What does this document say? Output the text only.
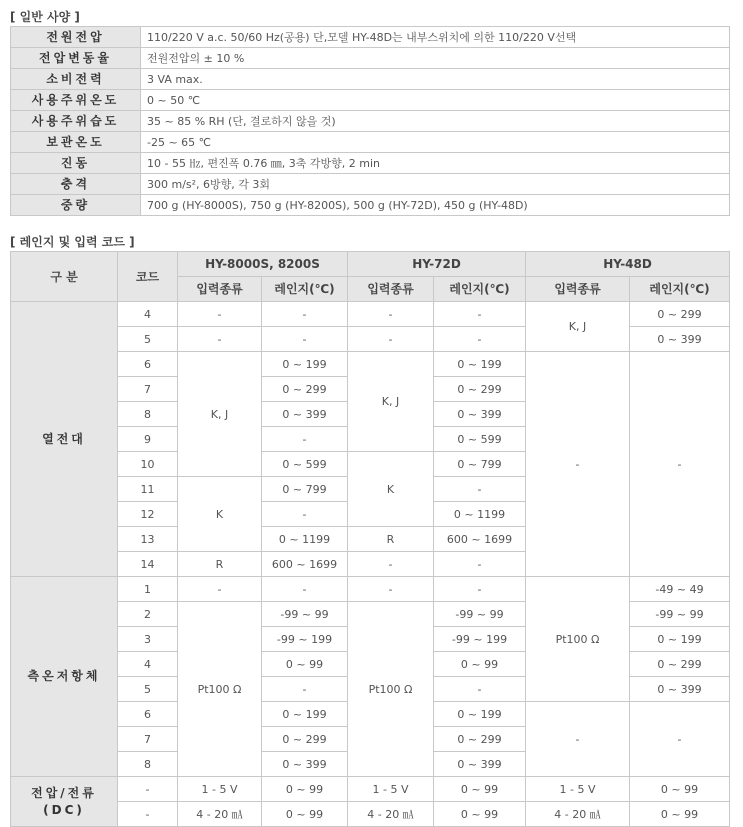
[ 일반 사양 ]
전원전압	110/220 V a.c. 50/60 Hz(공용) 단,모델 HY-48D는 내부스위치에 의한 110/220 V선택
전압변동율	전원전압의 ± 10 %
소비전력	3 VA max.
사용주위온도	0 ~ 50 ℃
사용주위습도	35 ~ 85 % RH (단, 결로하지 않을 것)
보관온도	-25 ~ 65 ℃
진동	10 - 55 ㎐, 편진폭 0.76 ㎜, 3축 각방향, 2 min
충격	300 m/s², 6방향, 각 3회
중량	700 g (HY-8000S), 750 g (HY-8200S), 500 g (HY-72D), 450 g (HY-48D)
[ 레인지 및 입력 코드 ]
구 분	코드	HY-8000S, 8200S		HY-72D		HY-48D	
		입력종류	레인지(℃)	입력종류	레인지(℃)	입력종류	레인지(℃)
열전대	4	-	-	-	-	K, J	0 ~ 299
	5	-	-	-	-		0 ~ 399
	6	K, J	0 ~ 199	K, J	0 ~ 199	-	-
	7		0 ~ 299		0 ~ 299		
	8		0 ~ 399		0 ~ 399		
	9		-		0 ~ 599		
	10		0 ~ 599	K	0 ~ 799		
	11	K	0 ~ 799		-		
	12		-		0 ~ 1199		
	13		0 ~ 1199	R	600 ~ 1699		
	14	R	600 ~ 1699	-	-		
측온저항체	1	-	-	-	-	Pt100 Ω	-49 ~ 49
	2	Pt100 Ω	-99 ~ 99	Pt100 Ω	-99 ~ 99		-99 ~ 99
	3		-99 ~ 199		-99 ~ 199		0 ~ 199
	4		0 ~ 99		0 ~ 99		0 ~ 299
	5		-		-		0 ~ 399
	6		0 ~ 199		0 ~ 199	-	-
	7		0 ~ 299		0 ~ 299		
	8		0 ~ 399		0 ~ 399		
전압/전류
(DC)	-	1 - 5 V	0 ~ 99	1 - 5 V	0 ~ 99	1 - 5 V	0 ~ 99
	-	4 - 20 ㎃	0 ~ 99	4 - 20 ㎃	0 ~ 99	4 - 20 ㎃	0 ~ 99
